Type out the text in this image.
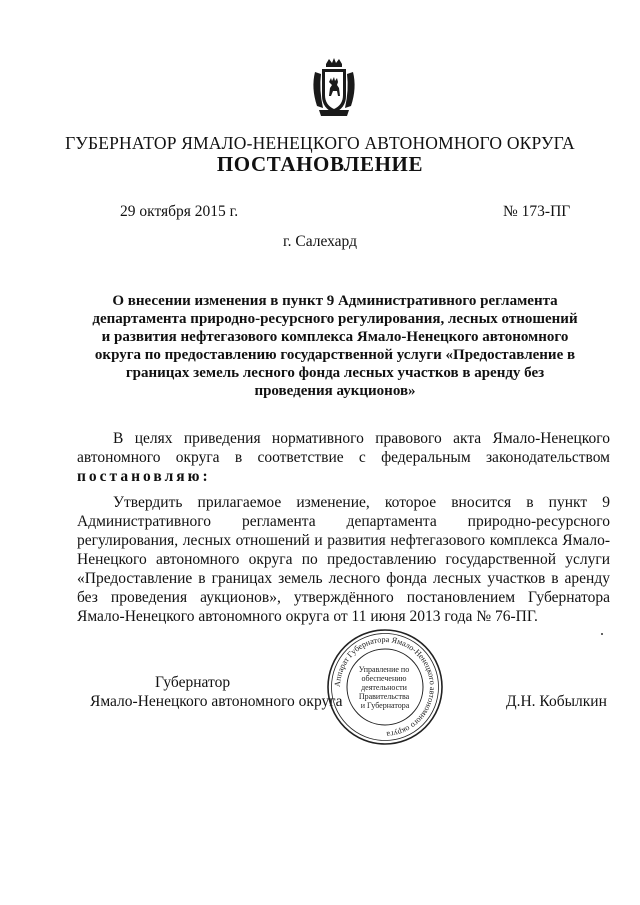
ГУБЕРНАТОР ЯМАЛО-НЕНЕЦКОГО АВТОНОМНОГО ОКРУГА
ПОСТАНОВЛЕНИЕ
29 октября 2015 г.	№ 173-ПГ
г. Салехард
О внесении изменения в пункт 9 Административного регламента департамента природно-ресурсного регулирования, лесных отношений и развития нефтегазового комплекса Ямало-Ненецкого автономного округа по предоставлению государственной услуги «Предоставление в границах земель лесного фонда лесных участков в аренду без проведения аукционов»
В целях приведения нормативного правового акта Ямало-Ненецкого автономного округа в соответствие с федеральным законодательством постановляю:
Утвердить прилагаемое изменение, которое вносится в пункт 9 Административного регламента департамента природно-ресурсного регулирования, лесных отношений и развития нефтегазового комплекса Ямало-Ненецкого автономного округа по предоставлению государственной услуги «Предоставление в границах земель лесного фонда лесных участков в аренду без проведения аукционов», утверждённого постановлением Губернатора Ямало-Ненецкого автономного округа от 11 июня 2013 года № 76-ПГ.
Губернатор
Ямало-Ненецкого автономного округа	Д.Н. Кобылкин
Аппарат Губернатора Ямало-Ненецкого автономного округа
Управление по обеспечению деятельности Правительства и Губернатора
